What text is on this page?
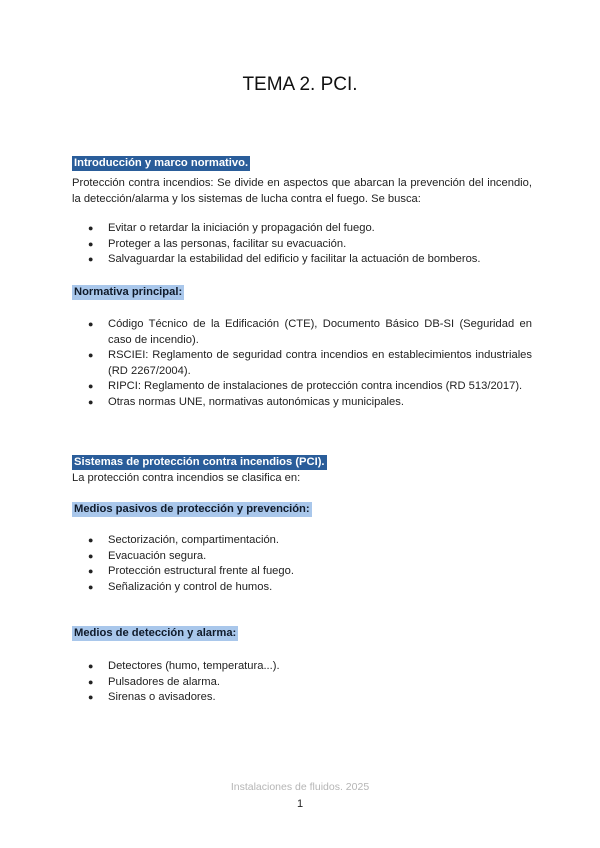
TEMA 2. PCI.
Introducción y marco normativo.
Protección contra incendios: Se divide en aspectos que abarcan la prevención del incendio, la detección/alarma y los sistemas de lucha contra el fuego. Se busca:
● Evitar o retardar la iniciación y propagación del fuego.
● Proteger a las personas, facilitar su evacuación.
● Salvaguardar la estabilidad del edificio y facilitar la actuación de bomberos.
Normativa principal:
● Código Técnico de la Edificación (CTE), Documento Básico DB-SI (Seguridad en caso de incendio).
● RSCIEI: Reglamento de seguridad contra incendios en establecimientos industriales (RD 2267/2004).
● RIPCI: Reglamento de instalaciones de protección contra incendios (RD 513/2017).
● Otras normas UNE, normativas autonómicas y municipales.
Sistemas de protección contra incendios (PCI).
La protección contra incendios se clasifica en:
Medios pasivos de protección y prevención:
● Sectorización, compartimentación.
● Evacuación segura.
● Protección estructural frente al fuego.
● Señalización y control de humos.
Medios de detección y alarma:
● Detectores (humo, temperatura...).
● Pulsadores de alarma.
● Sirenas o avisadores.
Instalaciones de fluidos. 2025
1
